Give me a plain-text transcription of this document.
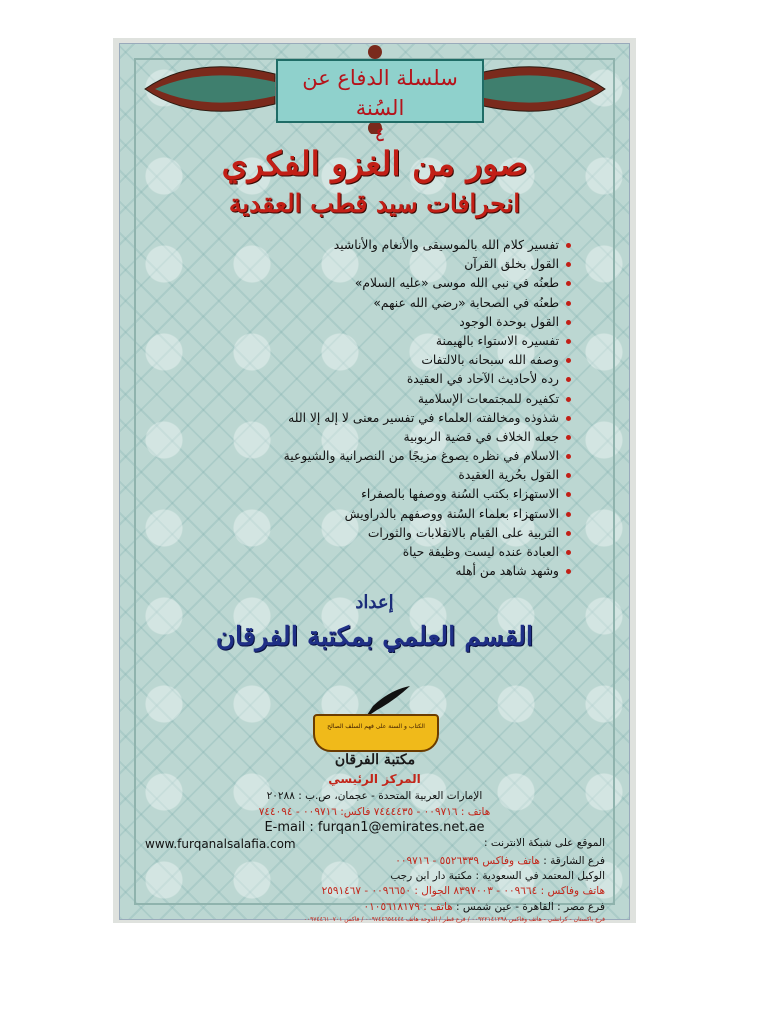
سلسلة الدفاع عن السُنة
٤
صور من الغزو الفكري
انحرافات سيد قطب العقدية
تفسير كلام الله بالموسيقى والأنغام والأناشيد
القول بخلق القرآن
طعنُه في نبي الله موسى «عليه السلام»
طعنُه في الصحابة «رضي الله عنهم»
القول بوحدة الوجود
تفسيره الاستواء بالهيمنة
وصفه الله سبحانه بالالتفات
رده لأحاديث الآحاد في العقيدة
تكفيره للمجتمعات الإسلامية
شذوذه ومخالفته العلماء في تفسير معنى لا إله إلا الله
جعله الخلاف في قضية الربوبية
الاسلام في نظره يصوغ مزيجًا من النصرانية والشيوعية
القول بحُرية العقيدة
الاستهزاء بكتب السُنة ووصفها بالصفراء
الاستهزاء بعلماء السُنة ووصفهم بالدراويش
التربية على القيام بالانقلابات والثورات
العبادة عنده ليست وظيفة حياة
وشهد شاهد من أهله
إعداد
القسم العلمي بمكتبة الفرقان
الكتاب و السنة على فهم السلف الصالح
مكتبة الفرقان
المركز الرئيسي
الإمارات العربية المتحدة - عجمان، ص.ب : ٢٠٢٨٨
هاتف : ٠٠٩٧١٦ - ٧٤٤٤٤٣٥ فاكس: ٠٠٩٧١٦ - ٧٤٤٠٩٤
E-mail : furqan1@emirates.net.ae
الموقع على شبكة الانترنت :
www.furqanalsalafia.com
فرع الشارقة : هاتف وفاكس ٥٥٢٦٣٣٩ - ٠٠٩٧١٦
الوكيل المعتمد في السعودية : مكتبة دار ابن رجب
هاتف وفاكس : ٠٠٩٦٦٤ - ٨٣٩٧٠٠٣ الجوال : ٠٠٩٦٦٥٠ - ٢٥٩١٤٦٧
فرع مصر : القاهرة - عين شمس : هاتف : ٠١٠٥٦١٨١٧٩
فرع باكستان - كراتشي - هاتف وفاكس ٠٠٩٢٢١٤١٣٩٨ / فرع قطر / الدوحة هاتف ٠٠٩٧٤٤٦٥٤٤٤٤ / فاكس ٠٠٩٧٤٤٦١٠٧٠١
